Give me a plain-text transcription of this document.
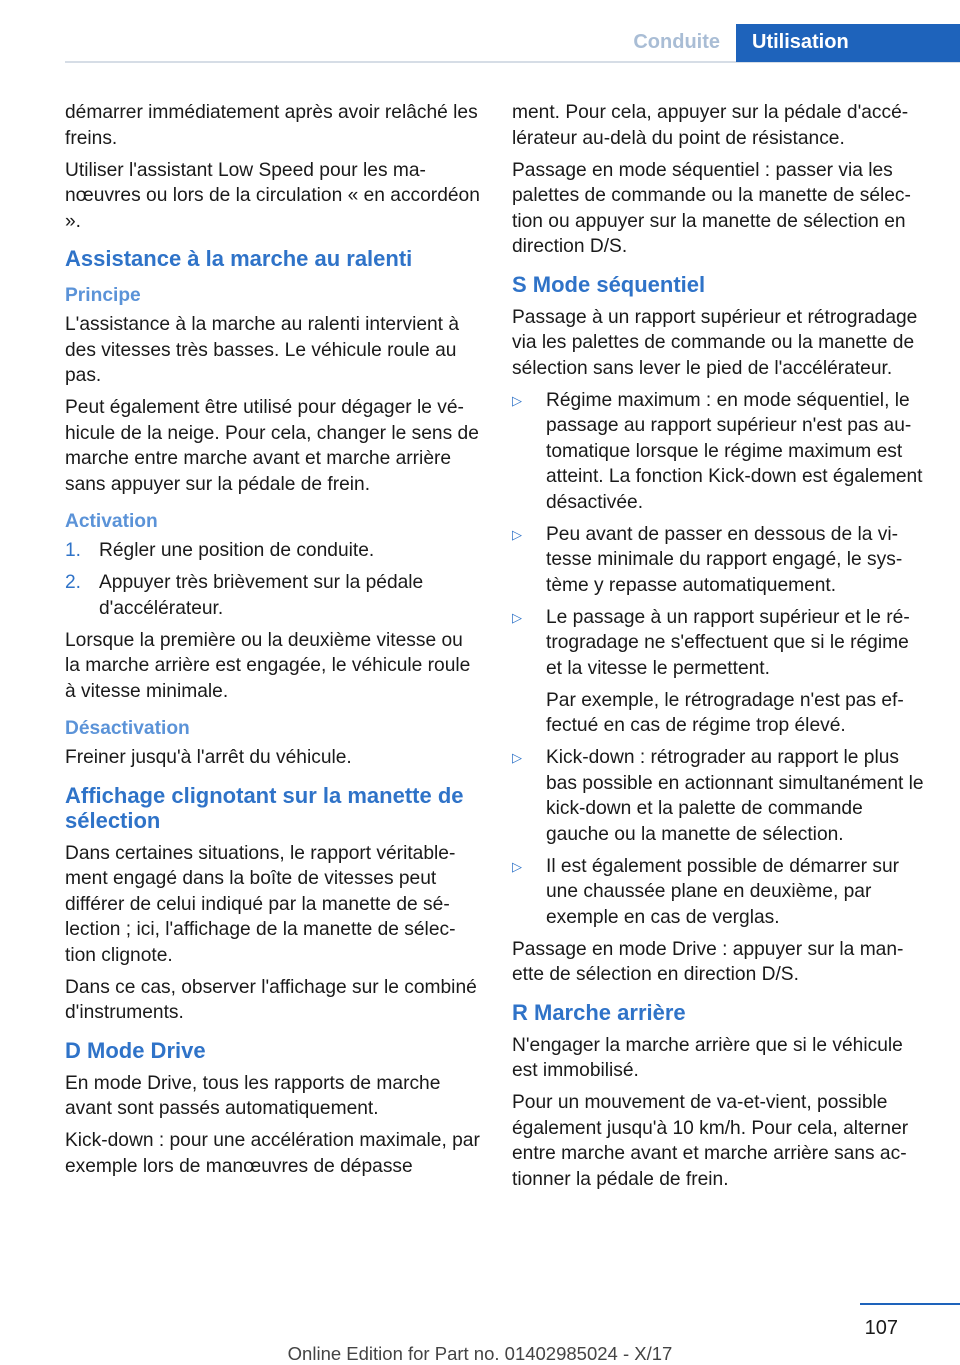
Conduite Utilisation

démarrer immédiatement après avoir relâché les freins.

Utiliser l'assistant Low Speed pour les manœuvres ou lors de la circulation « en accordéon ».

Assistance à la marche au ralenti
Principe

L'assistance à la marche au ralenti intervient à des vitesses très basses. Le véhicule roule au pas.

Peut également être utilisé pour dégager le véhicule de la neige. Pour cela, changer le sens de marche entre marche avant et marche arrière sans appuyer sur la pédale de frein.

Activation
1. Régler une position de conduite.
2. Appuyer très brièvement sur la pédale d'accélérateur.

Lorsque la première ou la deuxième vitesse ou la marche arrière est engagée, le véhicule roule à vitesse minimale.

Désactivation

Freiner jusqu'à l'arrêt du véhicule.

Affichage clignotant sur la manette de sélection

Dans certaines situations, le rapport véritablement engagé dans la boîte de vitesses peut différer de celui indiqué par la manette de sélection ; ici, l'affichage de la manette de sélection clignote.

Dans ce cas, observer l'affichage sur le combiné d'instruments.

D Mode Drive

En mode Drive, tous les rapports de marche avant sont passés automatiquement.

Kick-down : pour une accélération maximale, par exemple lors de manœuvres de dépasse

ment. Pour cela, appuyer sur la pédale d'accélérateur au-delà du point de résistance.

Passage en mode séquentiel : passer via les palettes de commande ou la manette de sélection ou appuyer sur la manette de sélection en direction D/S.

S Mode séquentiel

Passage à un rapport supérieur et rétrogradage via les palettes de commande ou la manette de sélection sans lever le pied de l'accélérateur.

▷ Régime maximum : en mode séquentiel, le passage au rapport supérieur n'est pas automatique lorsque le régime maximum est atteint. La fonction Kick-down est également désactivée.
▷ Peu avant de passer en dessous de la vitesse minimale du rapport engagé, le système y repasse automatiquement.
▷ Le passage à un rapport supérieur et le rétrogradage ne s'effectuent que si le régime et la vitesse le permettent.
Par exemple, le rétrogradage n'est pas effectué en cas de régime trop élevé.
▷ Kick-down : rétrograder au rapport le plus bas possible en actionnant simultanément le kick-down et la palette de commande gauche ou la manette de sélection.
▷ Il est également possible de démarrer sur une chaussée plane en deuxième, par exemple en cas de verglas.

Passage en mode Drive : appuyer sur la manette de sélection en direction D/S.

R Marche arrière

N'engager la marche arrière que si le véhicule est immobilisé.

Pour un mouvement de va-et-vient, possible également jusqu'à 10 km/h. Pour cela, alterner entre marche avant et marche arrière sans actionner la pédale de frein.

107
Online Edition for Part no. 01402985024 - X/17
